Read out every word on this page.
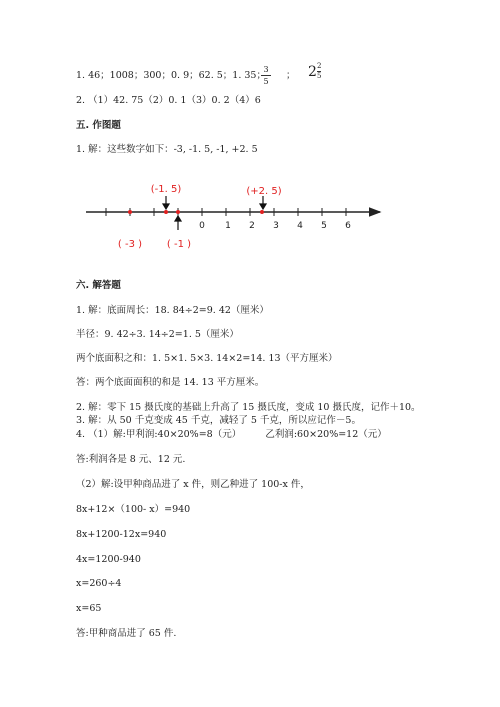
1. 46；1008；300；0. 9；62. 5；1. 35；
3
5
； 2 2
5
2. （1）42. 75（2）0. 1（3）0. 2（4）6
五. 作图题
1. 解：这些数字如下：-3, -1. 5, -1, +2. 5
0 1 2 3 4 5 6
(-1. 5)	(+2. 5)
( -3 ) ( -1 )
六. 解答题
1. 解：底面周长：18. 84÷2=9. 42（厘米）
半径：9. 42÷3. 14÷2=1. 5（厘米）
两个底面积之和：1. 5×1. 5×3. 14×2=14. 13（平方厘米）
答：两个底面面积的和是 14. 13 平方厘米。
2. 解：零下 15 摄氏度的基础上升高了 15 摄氏度，变成 10 摄氏度，记作＋10。
3. 解：从 50 千克变成 45 千克，减轻了 5 千克，所以应记作－5。
4. （1）解:甲利润:40×20%=8（元）        乙利润:60×20%=12（元）
答:利润各是 8 元、12 元.
（2）解:设甲种商品进了 x 件，则乙种进了 100-x 件，
8x+12×（100- x）=940
8x+1200-12x=940
4x=1200-940
x=260÷4
x=65
答:甲种商品进了 65 件.
